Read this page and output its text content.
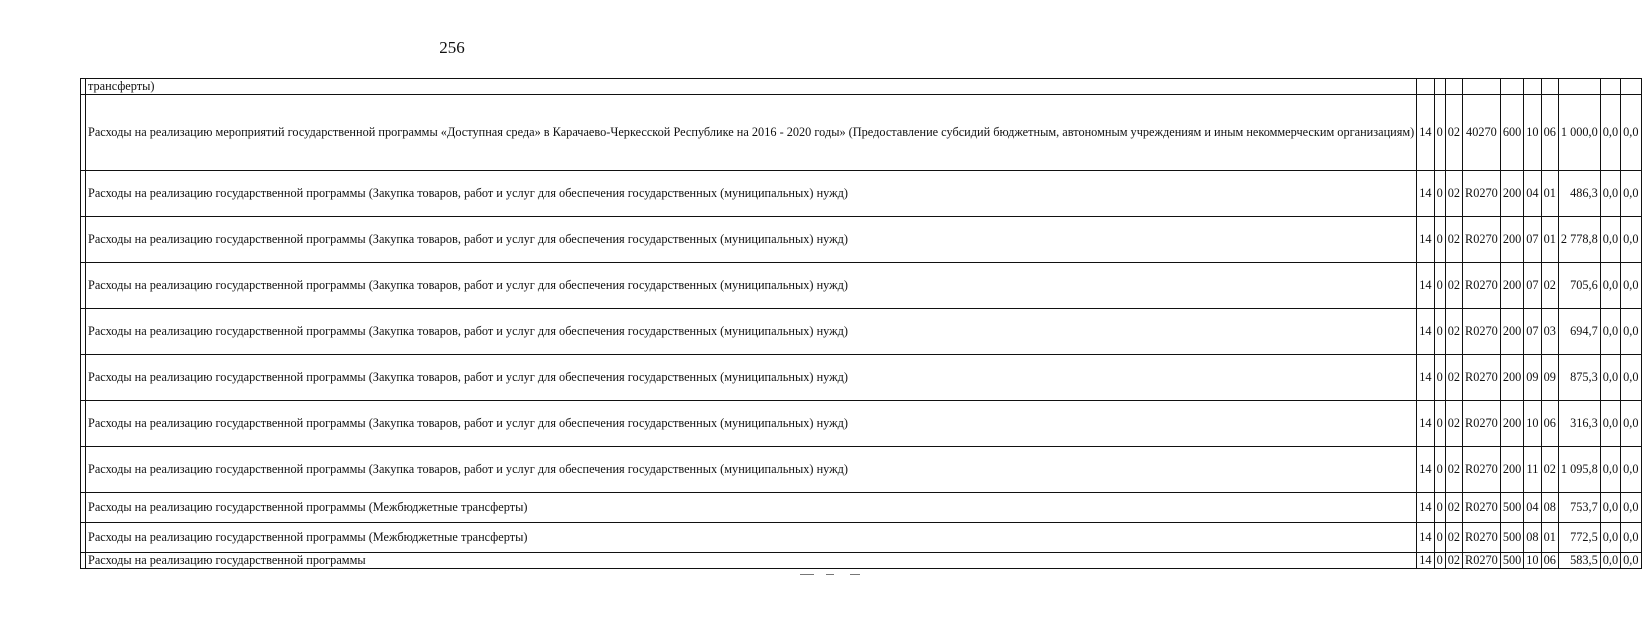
256
	трансферты)										
	Расходы на реализацию мероприятий государственной программы «Доступная среда» в Карачаево-Черкесской Республике на 2016 - 2020 годы» (Предоставление субсидий бюджетным, автономным учреждениям и иным некоммерческим организациям)	14	0	02	40270	600	10	06	1 000,0	0,0	0,0
	Расходы на реализацию государственной программы (Закупка товаров, работ и услуг для обеспечения государственных (муниципальных) нужд)	14	0	02	R0270	200	04	01	486,3	0,0	0,0
	Расходы на реализацию государственной программы (Закупка товаров, работ и услуг для обеспечения государственных (муниципальных) нужд)	14	0	02	R0270	200	07	01	2 778,8	0,0	0,0
	Расходы на реализацию государственной программы (Закупка товаров, работ и услуг для обеспечения государственных (муниципальных) нужд)	14	0	02	R0270	200	07	02	705,6	0,0	0,0
	Расходы на реализацию государственной программы (Закупка товаров, работ и услуг для обеспечения государственных (муниципальных) нужд)	14	0	02	R0270	200	07	03	694,7	0,0	0,0
	Расходы на реализацию государственной программы (Закупка товаров, работ и услуг для обеспечения государственных (муниципальных) нужд)	14	0	02	R0270	200	09	09	875,3	0,0	0,0
	Расходы на реализацию государственной программы (Закупка товаров, работ и услуг для обеспечения государственных (муниципальных) нужд)	14	0	02	R0270	200	10	06	316,3	0,0	0,0
	Расходы на реализацию государственной программы (Закупка товаров, работ и услуг для обеспечения государственных (муниципальных) нужд)	14	0	02	R0270	200	11	02	1 095,8	0,0	0,0
	Расходы на реализацию государственной программы (Межбюджетные трансферты)	14	0	02	R0270	500	04	08	753,7	0,0	0,0
	Расходы на реализацию государственной программы (Межбюджетные трансферты)	14	0	02	R0270	500	08	01	772,5	0,0	0,0
	Расходы на реализацию государственной программы	14	0	02	R0270	500	10	06	583,5	0,0	0,0
